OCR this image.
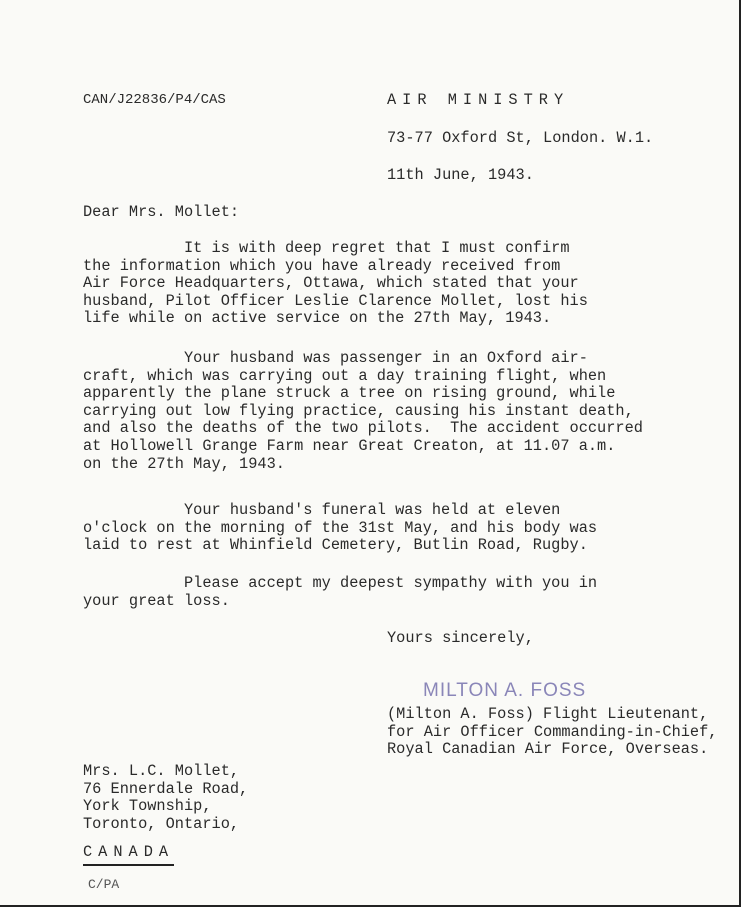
CAN/J22836/P4/CAS	AIR MINISTRY
73-77 Oxford St, London. W.1.
11th June, 1943.
Dear Mrs. Mollet:
It is with deep regret that I must confirm
the information which you have already received from
Air Force Headquarters, Ottawa, which stated that your
husband, Pilot Officer Leslie Clarence Mollet, lost his
life while on active service on the 27th May, 1943.
Your husband was passenger in an Oxford air-
craft, which was carrying out a day training flight, when
apparently the plane struck a tree on rising ground, while
carrying out low flying practice, causing his instant death,
and also the deaths of the two pilots.  The accident occurred
at Hollowell Grange Farm near Great Creaton, at 11.07 a.m.
on the 27th May, 1943.
Your husband's funeral was held at eleven
o'clock on the morning of the 31st May, and his body was
laid to rest at Whinfield Cemetery, Butlin Road, Rugby.
Please accept my deepest sympathy with you in
your great loss.
Yours sincerely,
MILTON A. FOSS
(Milton A. Foss) Flight Lieutenant,
for Air Officer Commanding-in-Chief,
Royal Canadian Air Force, Overseas.
Mrs. L.C. Mollet,
76 Ennerdale Road,
York Township,
Toronto, Ontario,
CANADA
C/PA
